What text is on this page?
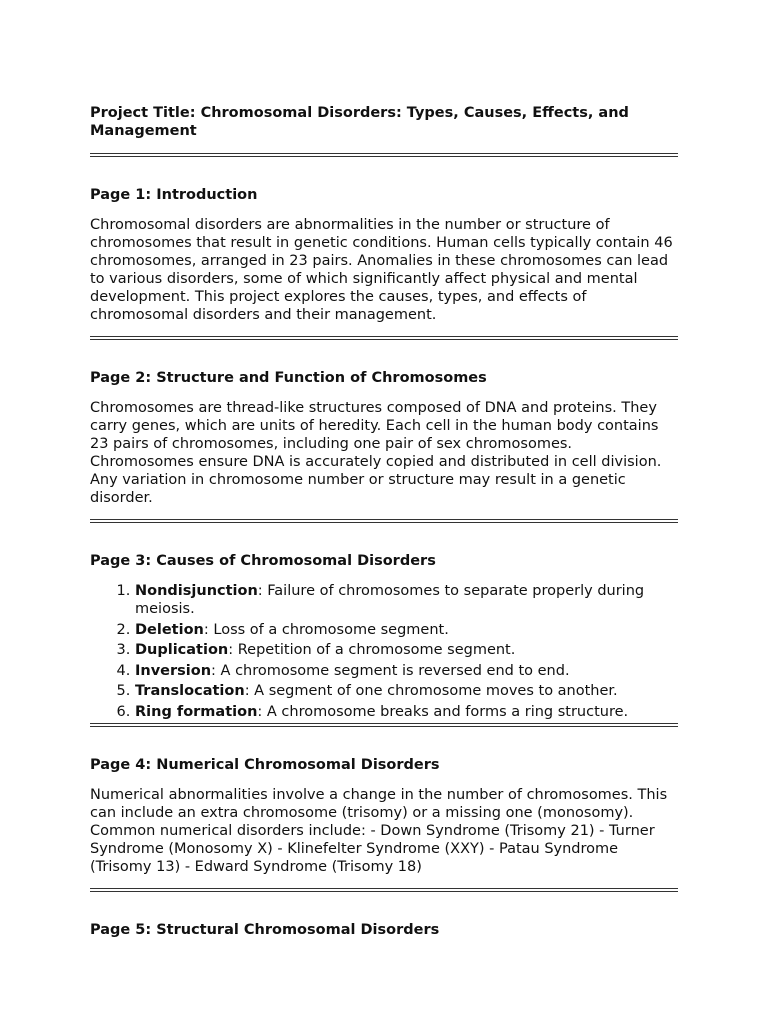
Project Title: Chromosomal Disorders: Types, Causes, Effects, and Management

Page 1: Introduction

Chromosomal disorders are abnormalities in the number or structure of chromosomes that result in genetic conditions. Human cells typically contain 46 chromosomes, arranged in 23 pairs. Anomalies in these chromosomes can lead to various disorders, some of which significantly affect physical and mental development. This project explores the causes, types, and effects of chromosomal disorders and their management.

Page 2: Structure and Function of Chromosomes

Chromosomes are thread-like structures composed of DNA and proteins. They carry genes, which are units of heredity. Each cell in the human body contains 23 pairs of chromosomes, including one pair of sex chromosomes. Chromosomes ensure DNA is accurately copied and distributed in cell division. Any variation in chromosome number or structure may result in a genetic disorder.

Page 3: Causes of Chromosomal Disorders

1. Nondisjunction: Failure of chromosomes to separate properly during meiosis.
2. Deletion: Loss of a chromosome segment.
3. Duplication: Repetition of a chromosome segment.
4. Inversion: A chromosome segment is reversed end to end.
5. Translocation: A segment of one chromosome moves to another.
6. Ring formation: A chromosome breaks and forms a ring structure.

Page 4: Numerical Chromosomal Disorders

Numerical abnormalities involve a change in the number of chromosomes. This can include an extra chromosome (trisomy) or a missing one (monosomy). Common numerical disorders include: - Down Syndrome (Trisomy 21) - Turner Syndrome (Monosomy X) - Klinefelter Syndrome (XXY) - Patau Syndrome (Trisomy 13) - Edward Syndrome (Trisomy 18)

Page 5: Structural Chromosomal Disorders
